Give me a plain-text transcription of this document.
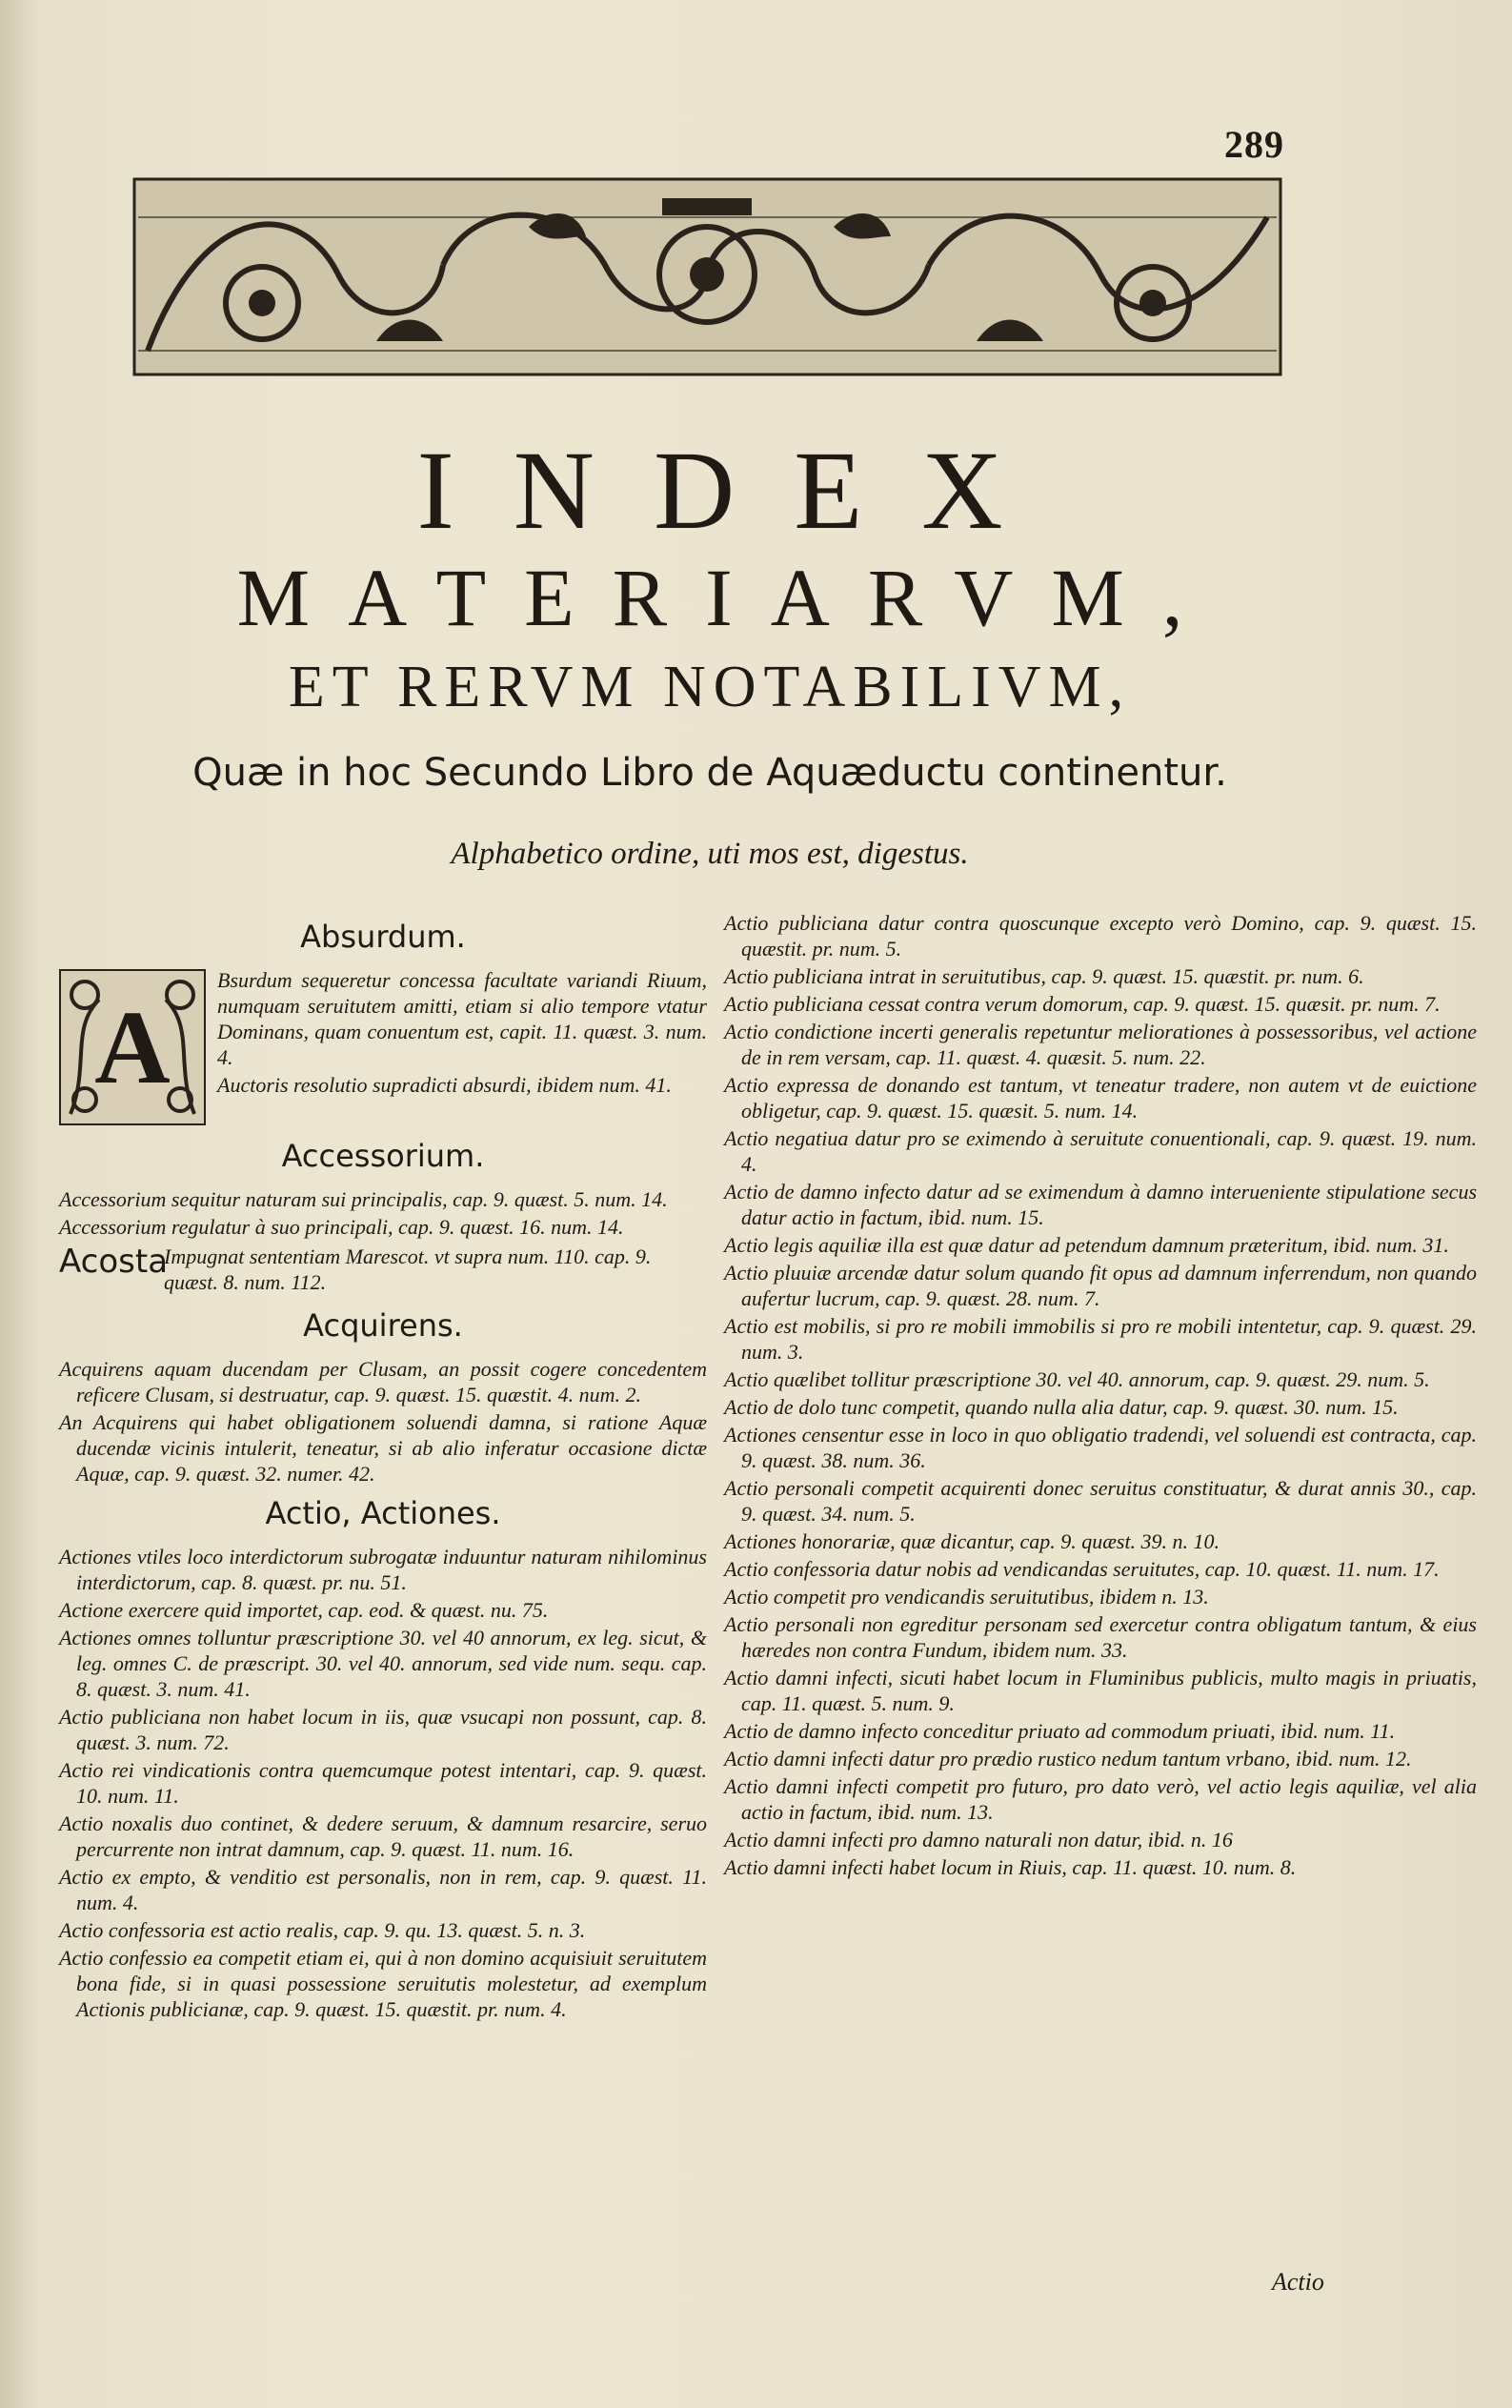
289
INDEX
MATERIARVM,
ET RERVM NOTABILIVM,
Quæ in hoc Secundo Libro de Aquæductu continentur.
Alphabetico ordine, uti mos est, digestus.
Absurdum.
A

Bsurdum sequeretur concessa facultate variandi Riuum, numquam seruitutem amitti, etiam si alio tempore vtatur Dominans, quam conuentum est, capit. 11. quæst. 3. num. 4.

Auctoris resolutio supradicti absurdi, ibidem num. 41.

Accessorium.

Accessorium sequitur naturam sui principalis, cap. 9. quæst. 5. num. 14.

Accessorium regulatur à suo principali, cap. 9. quæst. 16. num. 14.

Acosta
Impugnat sententiam Marescot. vt supra num. 110. cap. 9. quæst. 8. num. 112.
Acquirens.

Acquirens aquam ducendam per Clusam, an possit cogere concedentem reficere Clusam, si destruatur, cap. 9. quæst. 15. quæstit. 4. num. 2.

An Acquirens qui habet obligationem soluendi damna, si ratione Aquæ ducendæ vicinis intulerit, teneatur, si ab alio inferatur occasione dictæ Aquæ, cap. 9. quæst. 32. numer. 42.

Actio, Actiones.

Actiones vtiles loco interdictorum subrogatæ induuntur naturam nihilominus interdictorum, cap. 8. quæst. pr. nu. 51.

Actione exercere quid importet, cap. eod. & quæst. nu. 75.

Actiones omnes tolluntur præscriptione 30. vel 40 annorum, ex leg. sicut, & leg. omnes C. de præscript. 30. vel 40. annorum, sed vide num. sequ. cap. 8. quæst. 3. num. 41.

Actio publiciana non habet locum in iis, quæ vsucapi non possunt, cap. 8. quæst. 3. num. 72.

Actio rei vindicationis contra quemcumque potest intentari, cap. 9. quæst. 10. num. 11.

Actio noxalis duo continet, & dedere seruum, & damnum resarcire, seruo percurrente non intrat damnum, cap. 9. quæst. 11. num. 16.

Actio ex empto, & venditio est personalis, non in rem, cap. 9. quæst. 11. num. 4.

Actio confessoria est actio realis, cap. 9. qu. 13. quæst. 5. n. 3.

Actio confessio ea competit etiam ei, qui à non domino acquisiuit seruitutem bona fide, si in quasi possessione seruitutis molestetur, ad exemplum Actionis publicianæ, cap. 9. quæst. 15. quæstit. pr. num. 4.

Actio publiciana datur contra quoscunque excepto verò Domino, cap. 9. quæst. 15. quæstit. pr. num. 5.

Actio publiciana intrat in seruitutibus, cap. 9. quæst. 15. quæstit. pr. num. 6.

Actio publiciana cessat contra verum domorum, cap. 9. quæst. 15. quæsit. pr. num. 7.

Actio condictione incerti generalis repetuntur meliorationes à possessoribus, vel actione de in rem versam, cap. 11. quæst. 4. quæsit. 5. num. 22.

Actio expressa de donando est tantum, vt teneatur tradere, non autem vt de euictione obligetur, cap. 9. quæst. 15. quæsit. 5. num. 14.

Actio negatiua datur pro se eximendo à seruitute conuentionali, cap. 9. quæst. 19. num. 4.

Actio de damno infecto datur ad se eximendum à damno interueniente stipulatione secus datur actio in factum, ibid. num. 15.

Actio legis aquiliæ illa est quæ datur ad petendum damnum præteritum, ibid. num. 31.

Actio pluuiæ arcendæ datur solum quando fit opus ad damnum inferrendum, non quando aufertur lucrum, cap. 9. quæst. 28. num. 7.

Actio est mobilis, si pro re mobili immobilis si pro re mobili intentetur, cap. 9. quæst. 29. num. 3.

Actio quælibet tollitur præscriptione 30. vel 40. annorum, cap. 9. quæst. 29. num. 5.

Actio de dolo tunc competit, quando nulla alia datur, cap. 9. quæst. 30. num. 15.

Actiones censentur esse in loco in quo obligatio tradendi, vel soluendi est contracta, cap. 9. quæst. 38. num. 36.

Actio personali competit acquirenti donec seruitus constituatur, & durat annis 30., cap. 9. quæst. 34. num. 5.

Actiones honorariæ, quæ dicantur, cap. 9. quæst. 39. n. 10.

Actio confessoria datur nobis ad vendicandas seruitutes, cap. 10. quæst. 11. num. 17.

Actio competit pro vendicandis seruitutibus, ibidem n. 13.

Actio personali non egreditur personam sed exercetur contra obligatum tantum, & eius hæredes non contra Fundum, ibidem num. 33.

Actio damni infecti, sicuti habet locum in Fluminibus publicis, multo magis in priuatis, cap. 11. quæst. 5. num. 9.

Actio de damno infecto conceditur priuato ad commodum priuati, ibid. num. 11.

Actio damni infecti datur pro prædio rustico nedum tantum vrbano, ibid. num. 12.

Actio damni infecti competit pro futuro, pro dato verò, vel actio legis aquiliæ, vel alia actio in factum, ibid. num. 13.

Actio damni infecti pro damno naturali non datur, ibid. n. 16

Actio damni infecti habet locum in Riuis, cap. 11. quæst. 10. num. 8.

Actio
